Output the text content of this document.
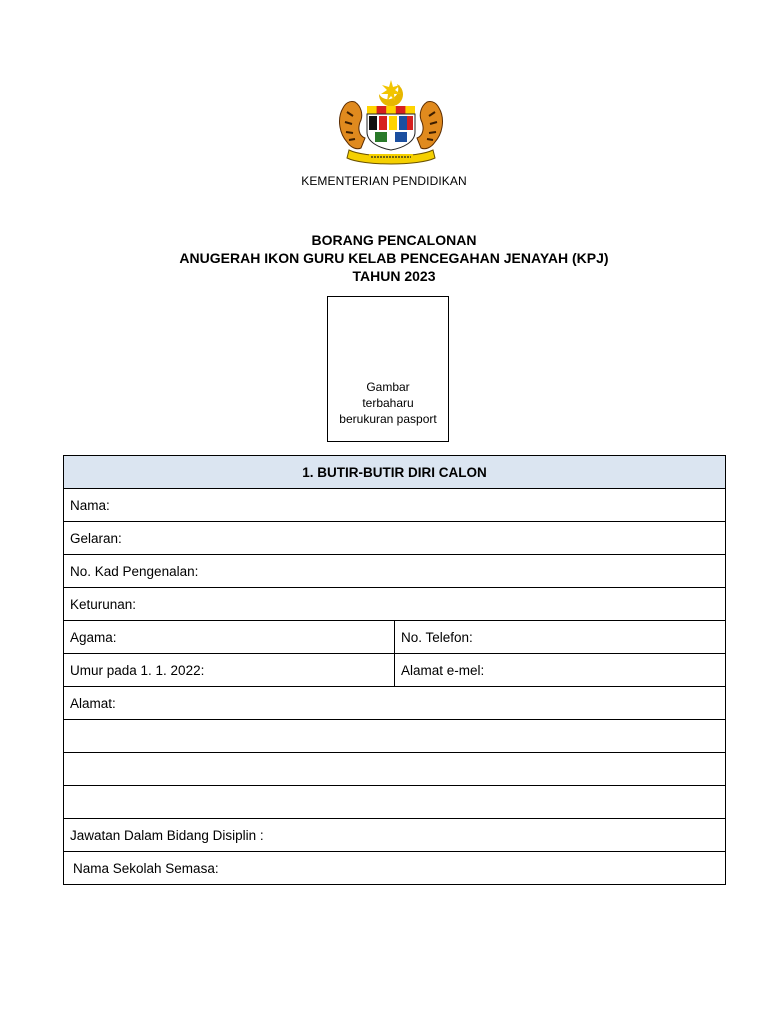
KEMENTERIAN PENDIDIKAN
BORANG PENCALONAN
ANUGERAH IKON GURU KELAB PENCEGAHAN JENAYAH (KPJ)
TAHUN 2023
Gambar
terbaharu
berukuran pasport
1. BUTIR-BUTIR DIRI CALON	
Nama:	
Gelaran:	
No. Kad Pengenalan:	
Keturunan:	
Agama:	No. Telefon:
Umur pada 1. 1. 2022:	Alamat e-mel:
Alamat:	

Jawatan Dalam Bidang Disiplin :	
Nama Sekolah Semasa:	
